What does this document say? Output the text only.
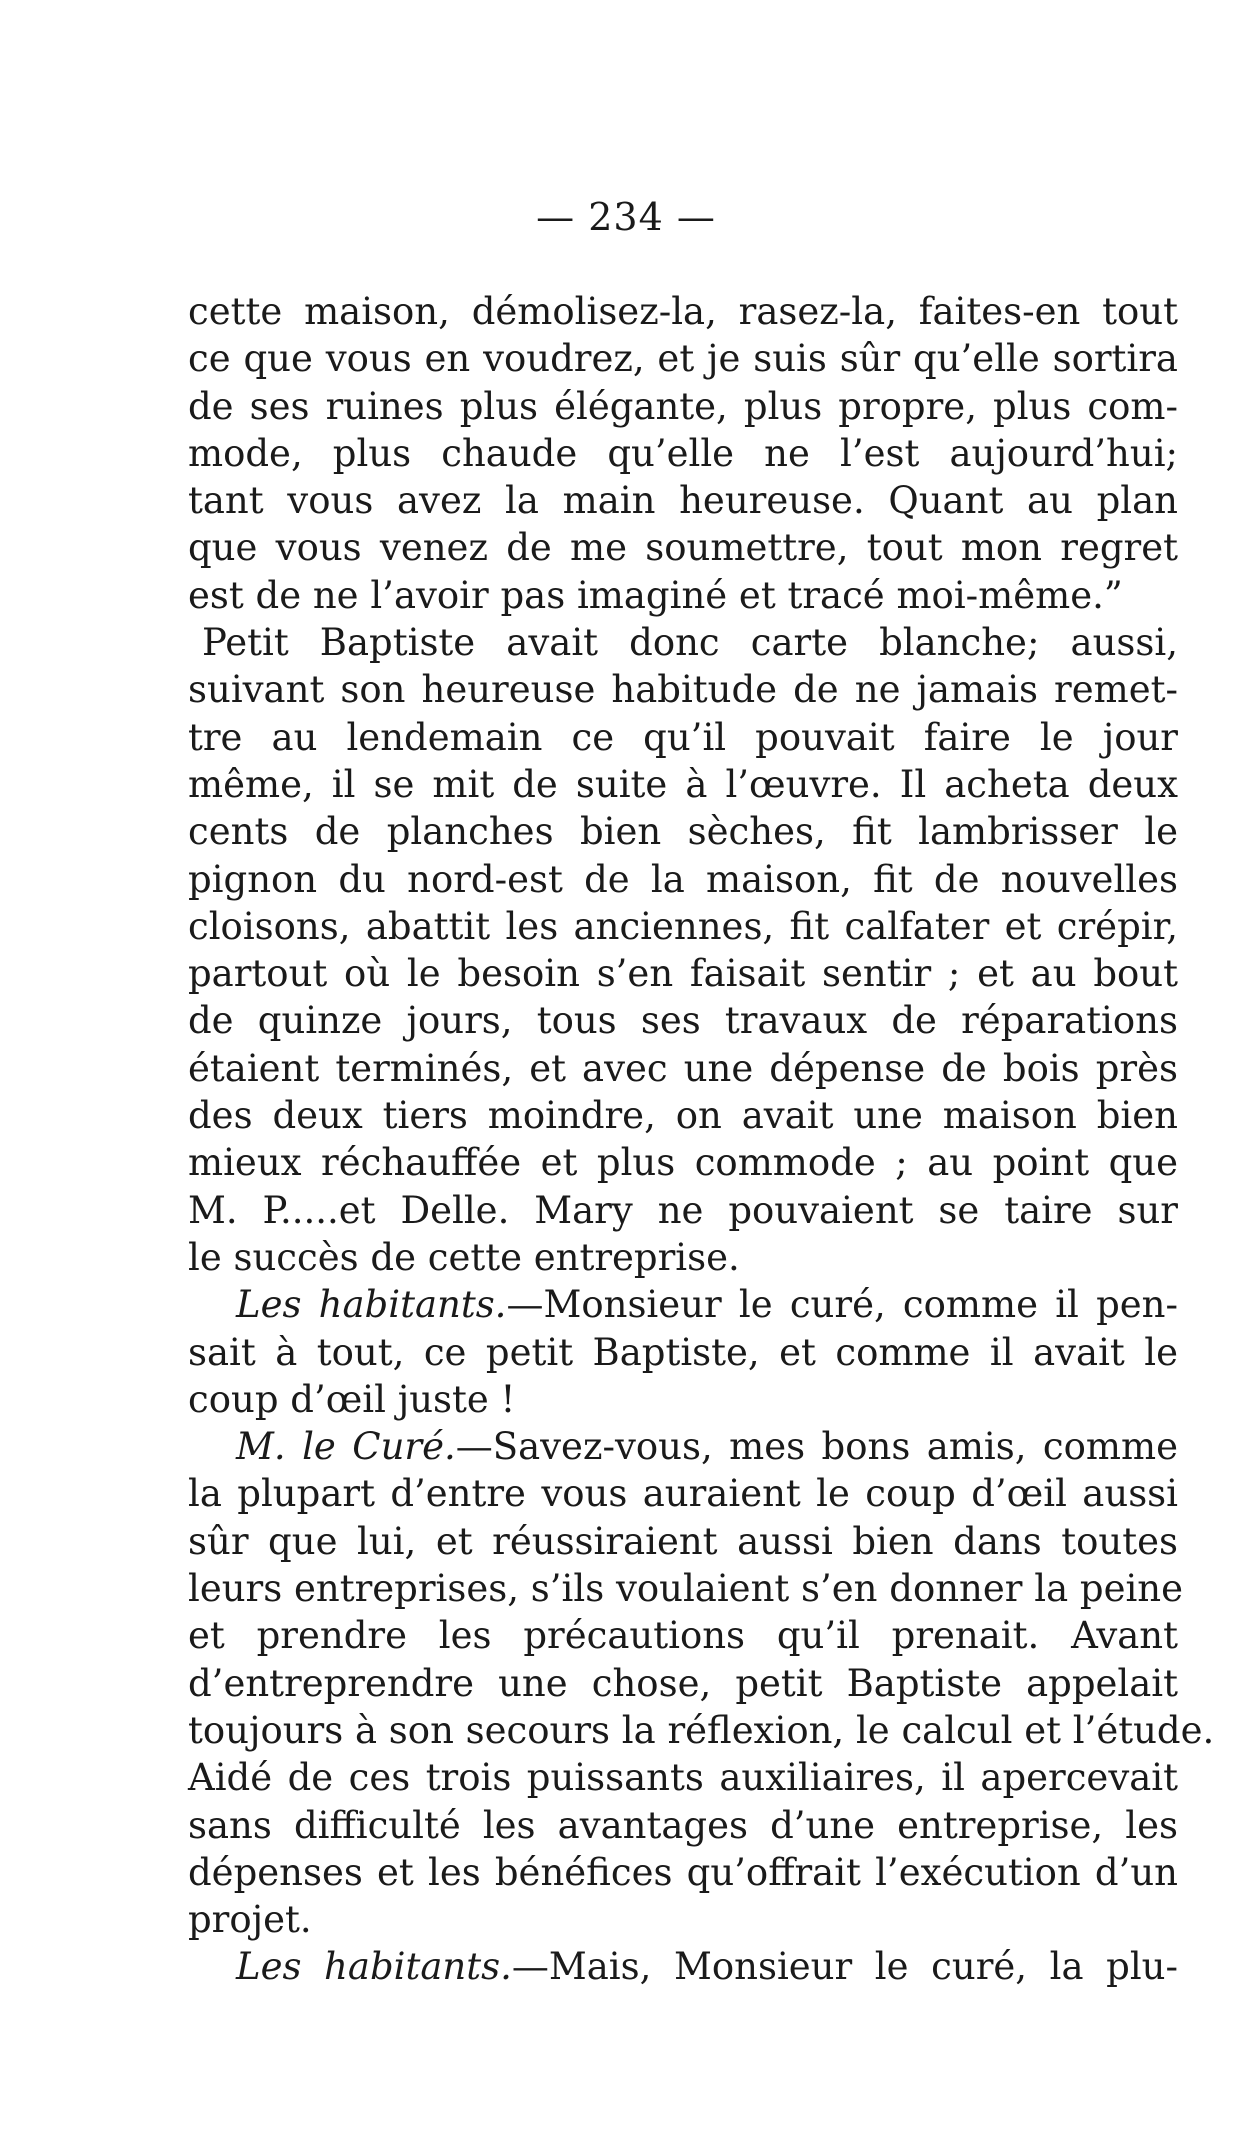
— 234 —
cette maison, démolisez-la, rasez-la, faites-en tout
ce que vous en voudrez, et je suis sûr qu’elle sortira
de ses ruines plus élégante, plus propre, plus com-
mode, plus chaude qu’elle ne l’est aujourd’hui;
tant vous avez la main heureuse. Quant au plan
que vous venez de me soumettre, tout mon regret
est de ne l’avoir pas imaginé et tracé moi-même.”
Petit Baptiste avait donc carte blanche; aussi,
suivant son heureuse habitude de ne jamais remet-
tre au lendemain ce qu’il pouvait faire le jour
même, il se mit de suite à l’œuvre. Il acheta deux
cents de planches bien sèches, fit lambrisser le
pignon du nord-est de la maison, fit de nouvelles
cloisons, abattit les anciennes, fit calfater et crépir,
partout où le besoin s’en faisait sentir ; et au bout
de quinze jours, tous ses travaux de réparations
étaient terminés, et avec une dépense de bois près
des deux tiers moindre, on avait une maison bien
mieux réchauffée et plus commode ; au point que
M. P.....et Delle. Mary ne pouvaient se taire sur
le succès de cette entreprise.
Les habitants.—Monsieur le curé, comme il pen-
sait à tout, ce petit Baptiste, et comme il avait le
coup d’œil juste !
M. le Curé.—Savez-vous, mes bons amis, comme
la plupart d’entre vous auraient le coup d’œil aussi
sûr que lui, et réussiraient aussi bien dans toutes
leurs entreprises, s’ils voulaient s’en donner la peine
et prendre les précautions qu’il prenait. Avant
d’entreprendre une chose, petit Baptiste appelait
toujours à son secours la réflexion, le calcul et l’étude.
Aidé de ces trois puissants auxiliaires, il apercevait
sans difficulté les avantages d’une entreprise, les
dépenses et les bénéfices qu’offrait l’exécution d’un
projet.
Les habitants.—Mais, Monsieur le curé, la plu-
